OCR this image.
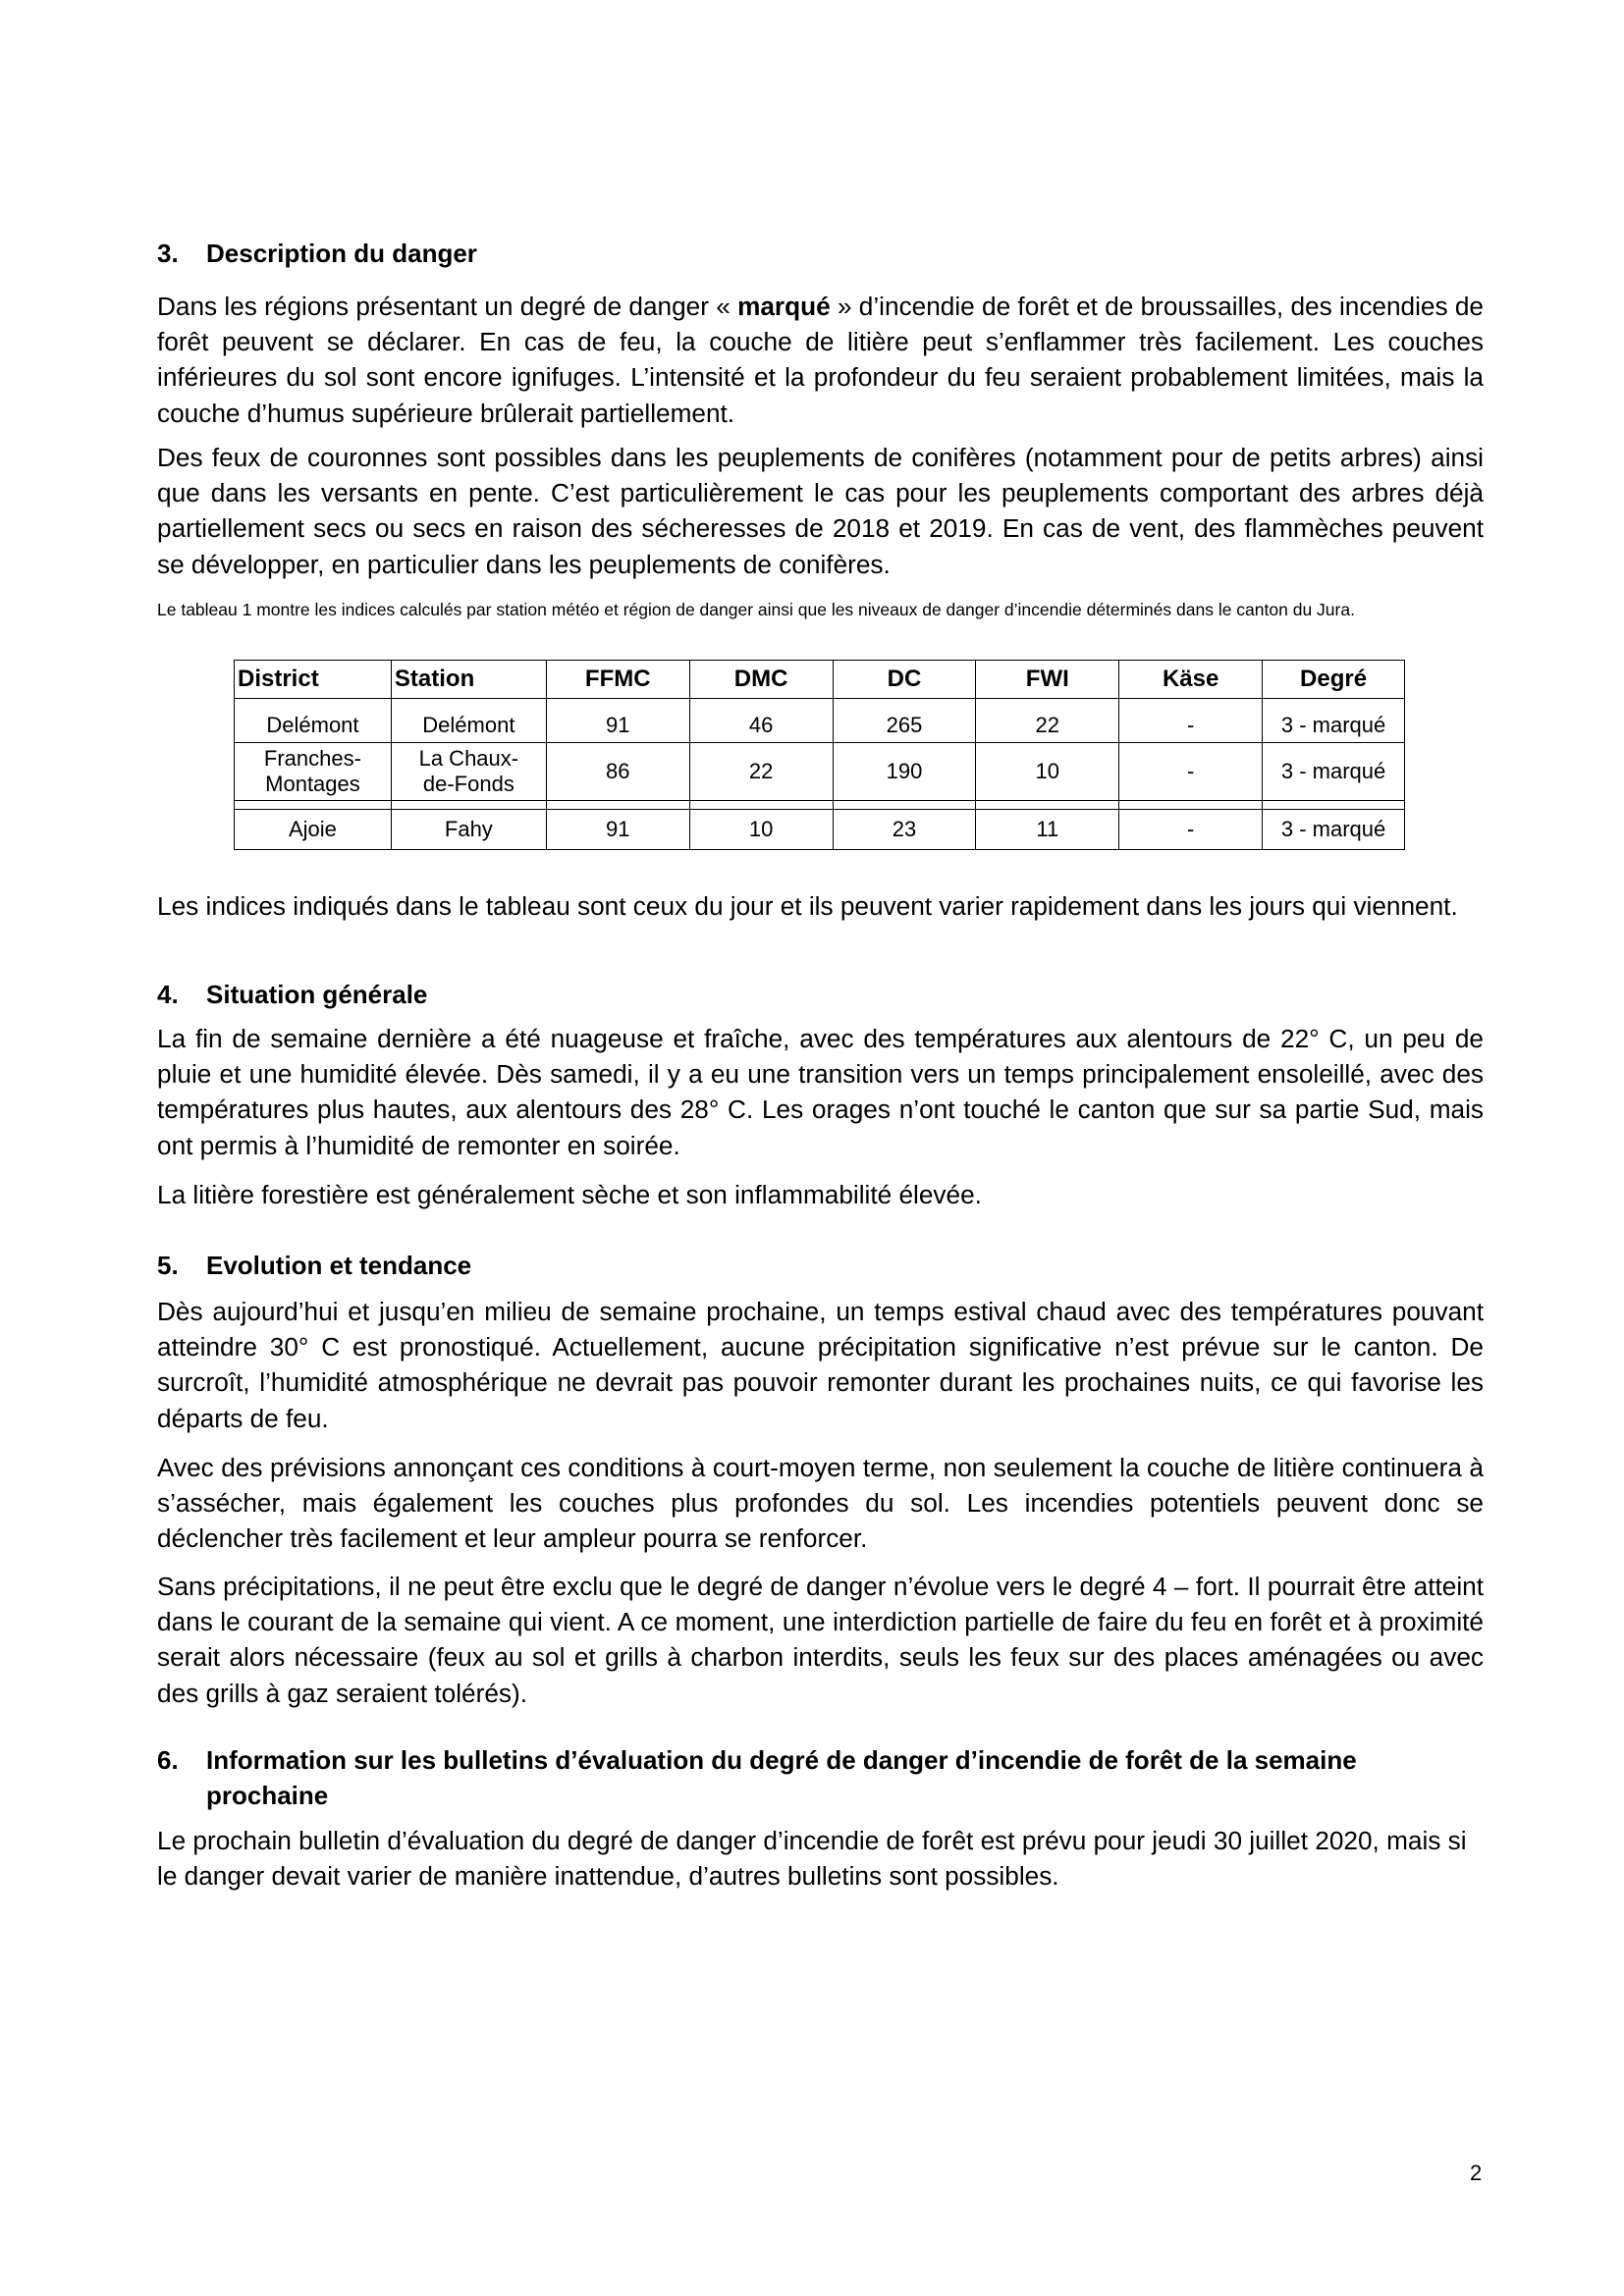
3. Description du danger
Dans les régions présentant un degré de danger « marqué » d’incendie de forêt et de broussailles, des incendies de forêt peuvent se déclarer. En cas de feu, la couche de litière peut s’enflammer très facilement. Les couches inférieures du sol sont encore ignifuges. L’intensité et la profondeur du feu seraient probablement limitées, mais la couche d’humus supérieure brûlerait partiellement.
Des feux de couronnes sont possibles dans les peuplements de conifères (notamment pour de petits arbres) ainsi que dans les versants en pente. C’est particulièrement le cas pour les peuplements comportant des arbres déjà partiellement secs ou secs en raison des sécheresses de 2018 et 2019. En cas de vent, des flammèches peuvent se développer, en particulier dans les peuplements de conifères.
Le tableau 1 montre les indices calculés par station météo et région de danger ainsi que les niveaux de danger d’incendie déterminés dans le canton du Jura.
District	Station	FFMC	DMC	DC	FWI	Käse	Degré

Delémont	Delémont	91	46	265	22	-	3 - marqué
Franches-
Montages	La Chaux-
de-Fonds	86	22	190	10	-	3 - marqué

Ajoie	Fahy	91	10	23	11	-	3 - marqué
Les indices indiqués dans le tableau sont ceux du jour et ils peuvent varier rapidement dans les jours qui viennent.
4. Situation générale
La fin de semaine dernière a été nuageuse et fraîche, avec des températures aux alentours de 22° C, un peu de pluie et une humidité élevée. Dès samedi, il y a eu une transition vers un temps principalement ensoleillé, avec des températures plus hautes, aux alentours des 28° C. Les orages n’ont touché le canton que sur sa partie Sud, mais ont permis à l’humidité de remonter en soirée.
La litière forestière est généralement sèche et son inflammabilité élevée.
5. Evolution et tendance
Dès aujourd’hui et jusqu’en milieu de semaine prochaine, un temps estival chaud avec des températures pouvant atteindre 30° C est pronostiqué. Actuellement, aucune précipitation significative n’est prévue sur le canton. De surcroît, l’humidité atmosphérique ne devrait pas pouvoir remonter durant les prochaines nuits, ce qui favorise les départs de feu.
Avec des prévisions annonçant ces conditions à court-moyen terme, non seulement la couche de litière continuera à s’assécher, mais également les couches plus profondes du sol. Les incendies potentiels peuvent donc se déclencher très facilement et leur ampleur pourra se renforcer.
Sans précipitations, il ne peut être exclu que le degré de danger n’évolue vers le degré 4 – fort. Il pourrait être atteint dans le courant de la semaine qui vient. A ce moment, une interdiction partielle de faire du feu en forêt et à proximité serait alors nécessaire (feux au sol et grills à charbon interdits, seuls les feux sur des places aménagées ou avec des grills à gaz seraient tolérés).
6. Information sur les bulletins d’évaluation du degré de danger d’incendie de forêt de la semaine prochaine
Le prochain bulletin d’évaluation du degré de danger d’incendie de forêt est prévu pour jeudi 30 juillet 2020, mais si le danger devait varier de manière inattendue, d’autres bulletins sont possibles.
2
